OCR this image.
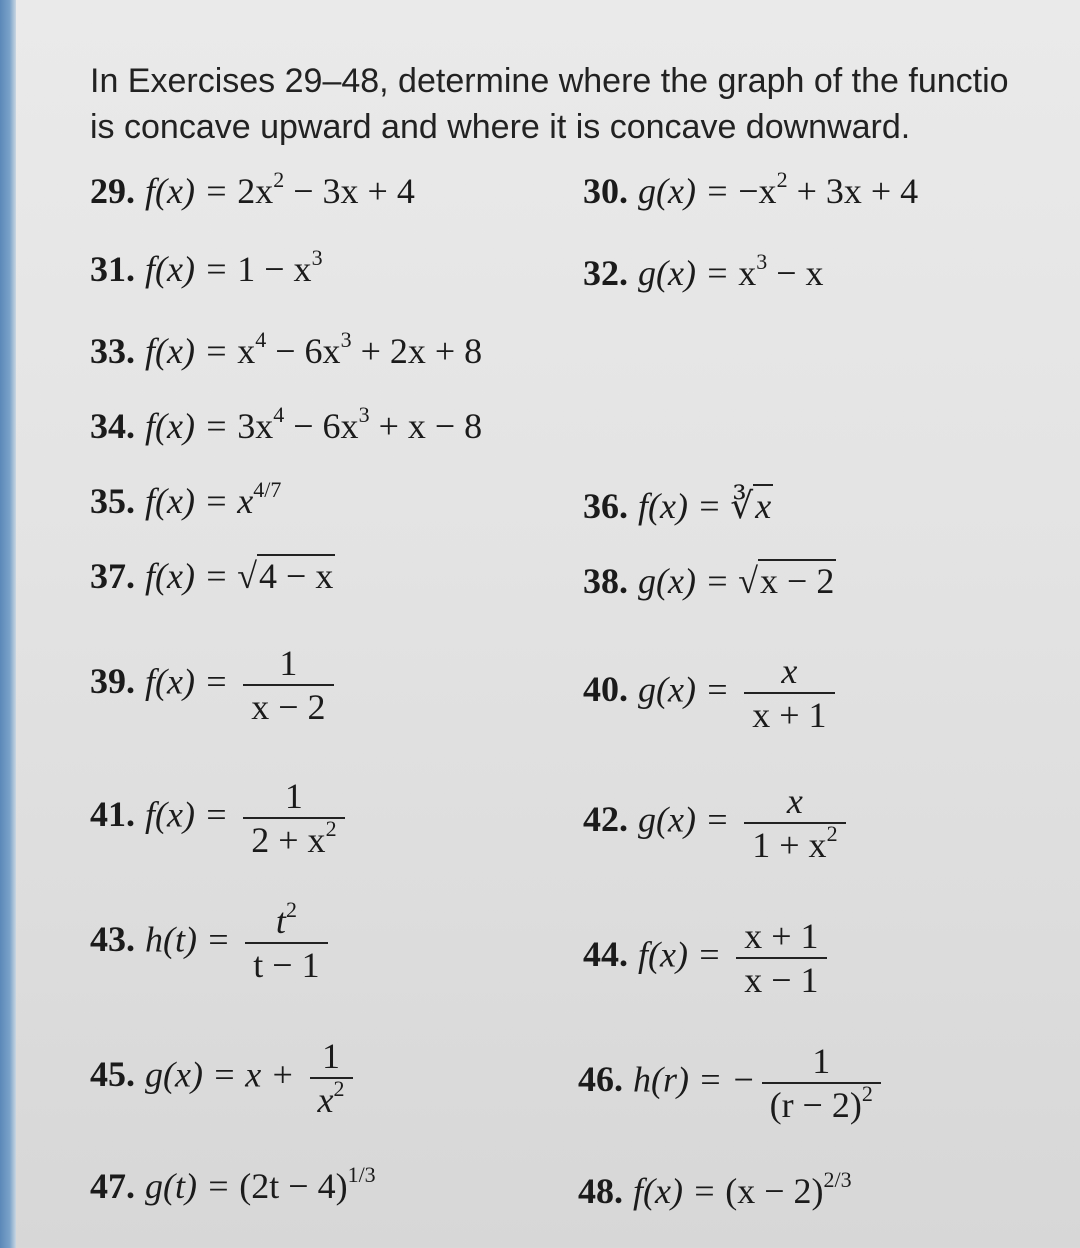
In Exercises 29–48, determine where the graph of the functio
is concave upward and where it is concave downward.
29. $f(x) = 2x^2 - 3x + 4$	30. $g(x) = -x^2 + 3x + 4$
31. $f(x) = 1 - x^3$	32. $g(x) = x^3 - x$
33. $f(x) = x^4 - 6x^3 + 2x + 8$
34. $f(x) = 3x^4 - 6x^3 + x - 8$
35. $f(x) = x^{4/7}$	36. f(x) = ∛x
37. f(x) = √4 − x	38. g(x) = √x − 2
39. $f(x) = \frac{1}{x - 2}$	40. $g(x) = \frac{x}{x + 1}$
41. $f(x) = \frac{1}{2 + x^2}$	42. $g(x) = \frac{x}{1 + x^2}$
43. $h(t) = \frac{t^2}{t - 1}$	44. $f(x) = \frac{x + 1}{x - 1}$
45. $g(x) = x + \frac{1}{x^2}$	46. h(r) = − $\frac{1}{(r - 2)^2}$
47. $g(t) = (2t - 4)^{1/3}$	48. $f(x) = (x - 2)^{2/3}$
